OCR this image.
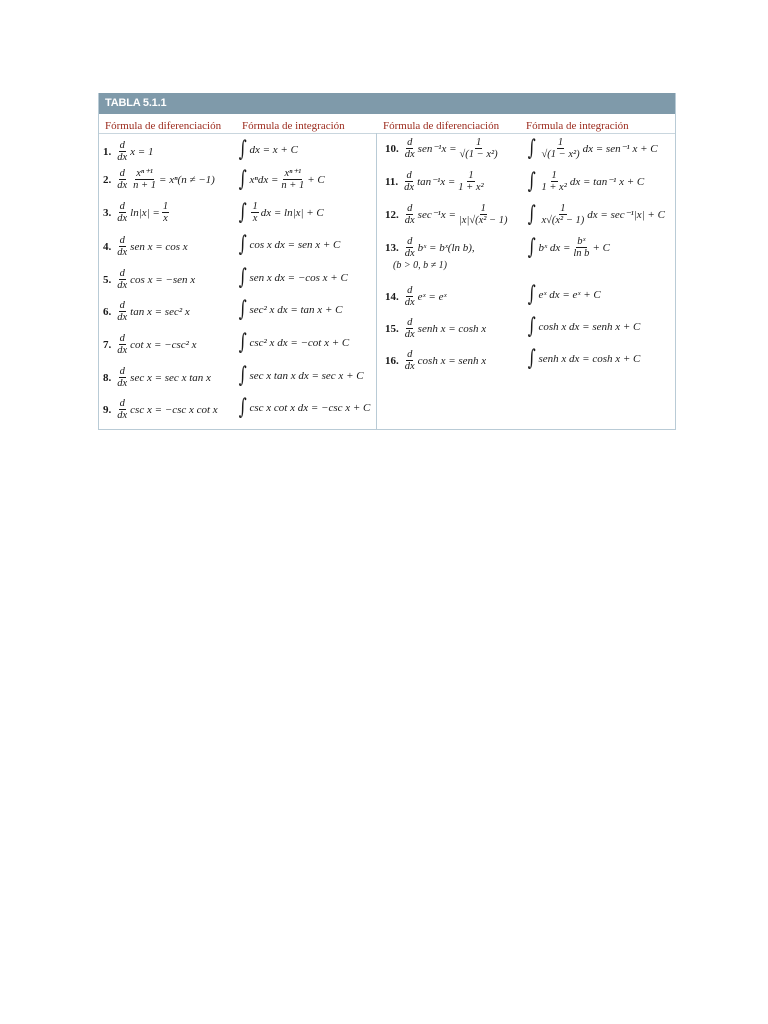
TABLA 5.1.1
Fórmula de diferenciación Fórmula de integración	Fórmula de diferenciación Fórmula de integración
1. $\frac{d}{dx}$ x = 1	∫ dx = x + C
2. $\frac{d}{dx} \frac{\text{xⁿ⁺¹}}{n + 1} = x^n(n \ne -1)$ ∫ $x^ndx = \frac{\text{xⁿ⁺¹}}{n + 1} + C$
3. $\frac{d}{dx} \ln|x| = \frac{1}{x}$	∫ $\frac{1}{x}$ dx = ln|x| + C
4. $\frac{d}{dx}$ sen x = cos x ∫ cos x dx = sen x + C
5. $\frac{d}{dx}$ cos x = −sen x ∫ sen x dx = −cos x + C
6. $\frac{d}{dx}$ tan x = sec² x ∫ sec² x dx = tan x + C
7. $\frac{d}{dx}$ cot x = −csc² x ∫ csc² x dx = −cot x + C
8. $\frac{d}{dx}$ sec x = sec x tan x ∫ sec x tan x dx = sec x + C
9. $\frac{d}{dx}$ csc x = −csc x cot x ∫ csc x cot x dx = −csc x + C
10. $\frac{d}{dx} sen^{-1}x = \frac{1}{\text{√(1 − x²)}}$ ∫ $\frac{1}{\text{√(1 − x²)}}$ dx = sen⁻¹ x + C
11. $\frac{d}{dx} \tan^{-1}x = \frac{1}{\text{1 + x²}}$ ∫ $\frac{1}{\text{1 + x²}}$ dx = tan⁻¹ x + C
12. $\frac{d}{dx} \sec^{-1}x = \frac{1}{\text{|x|√(x² − 1)}}$ ∫ $\frac{1}{\text{x√(x² − 1)}}$ dx = sec⁻¹|x| + C
13. $\frac{d}{dx}$ bˣ = bˣ(ln b),
(b > 0, b ≠ 1)
∫ bˣ dx = $\frac{\text{bˣ}}{\text{ln b}} + C$
14. $\frac{d}{dx}$ eˣ = eˣ	∫ eˣ dx = eˣ + C
15. $\frac{d}{dx}$ senh x = cosh x ∫ cosh x dx = senh x + C
16. $\frac{d}{dx}$ cosh x = senh x ∫ senh x dx = cosh x + C
